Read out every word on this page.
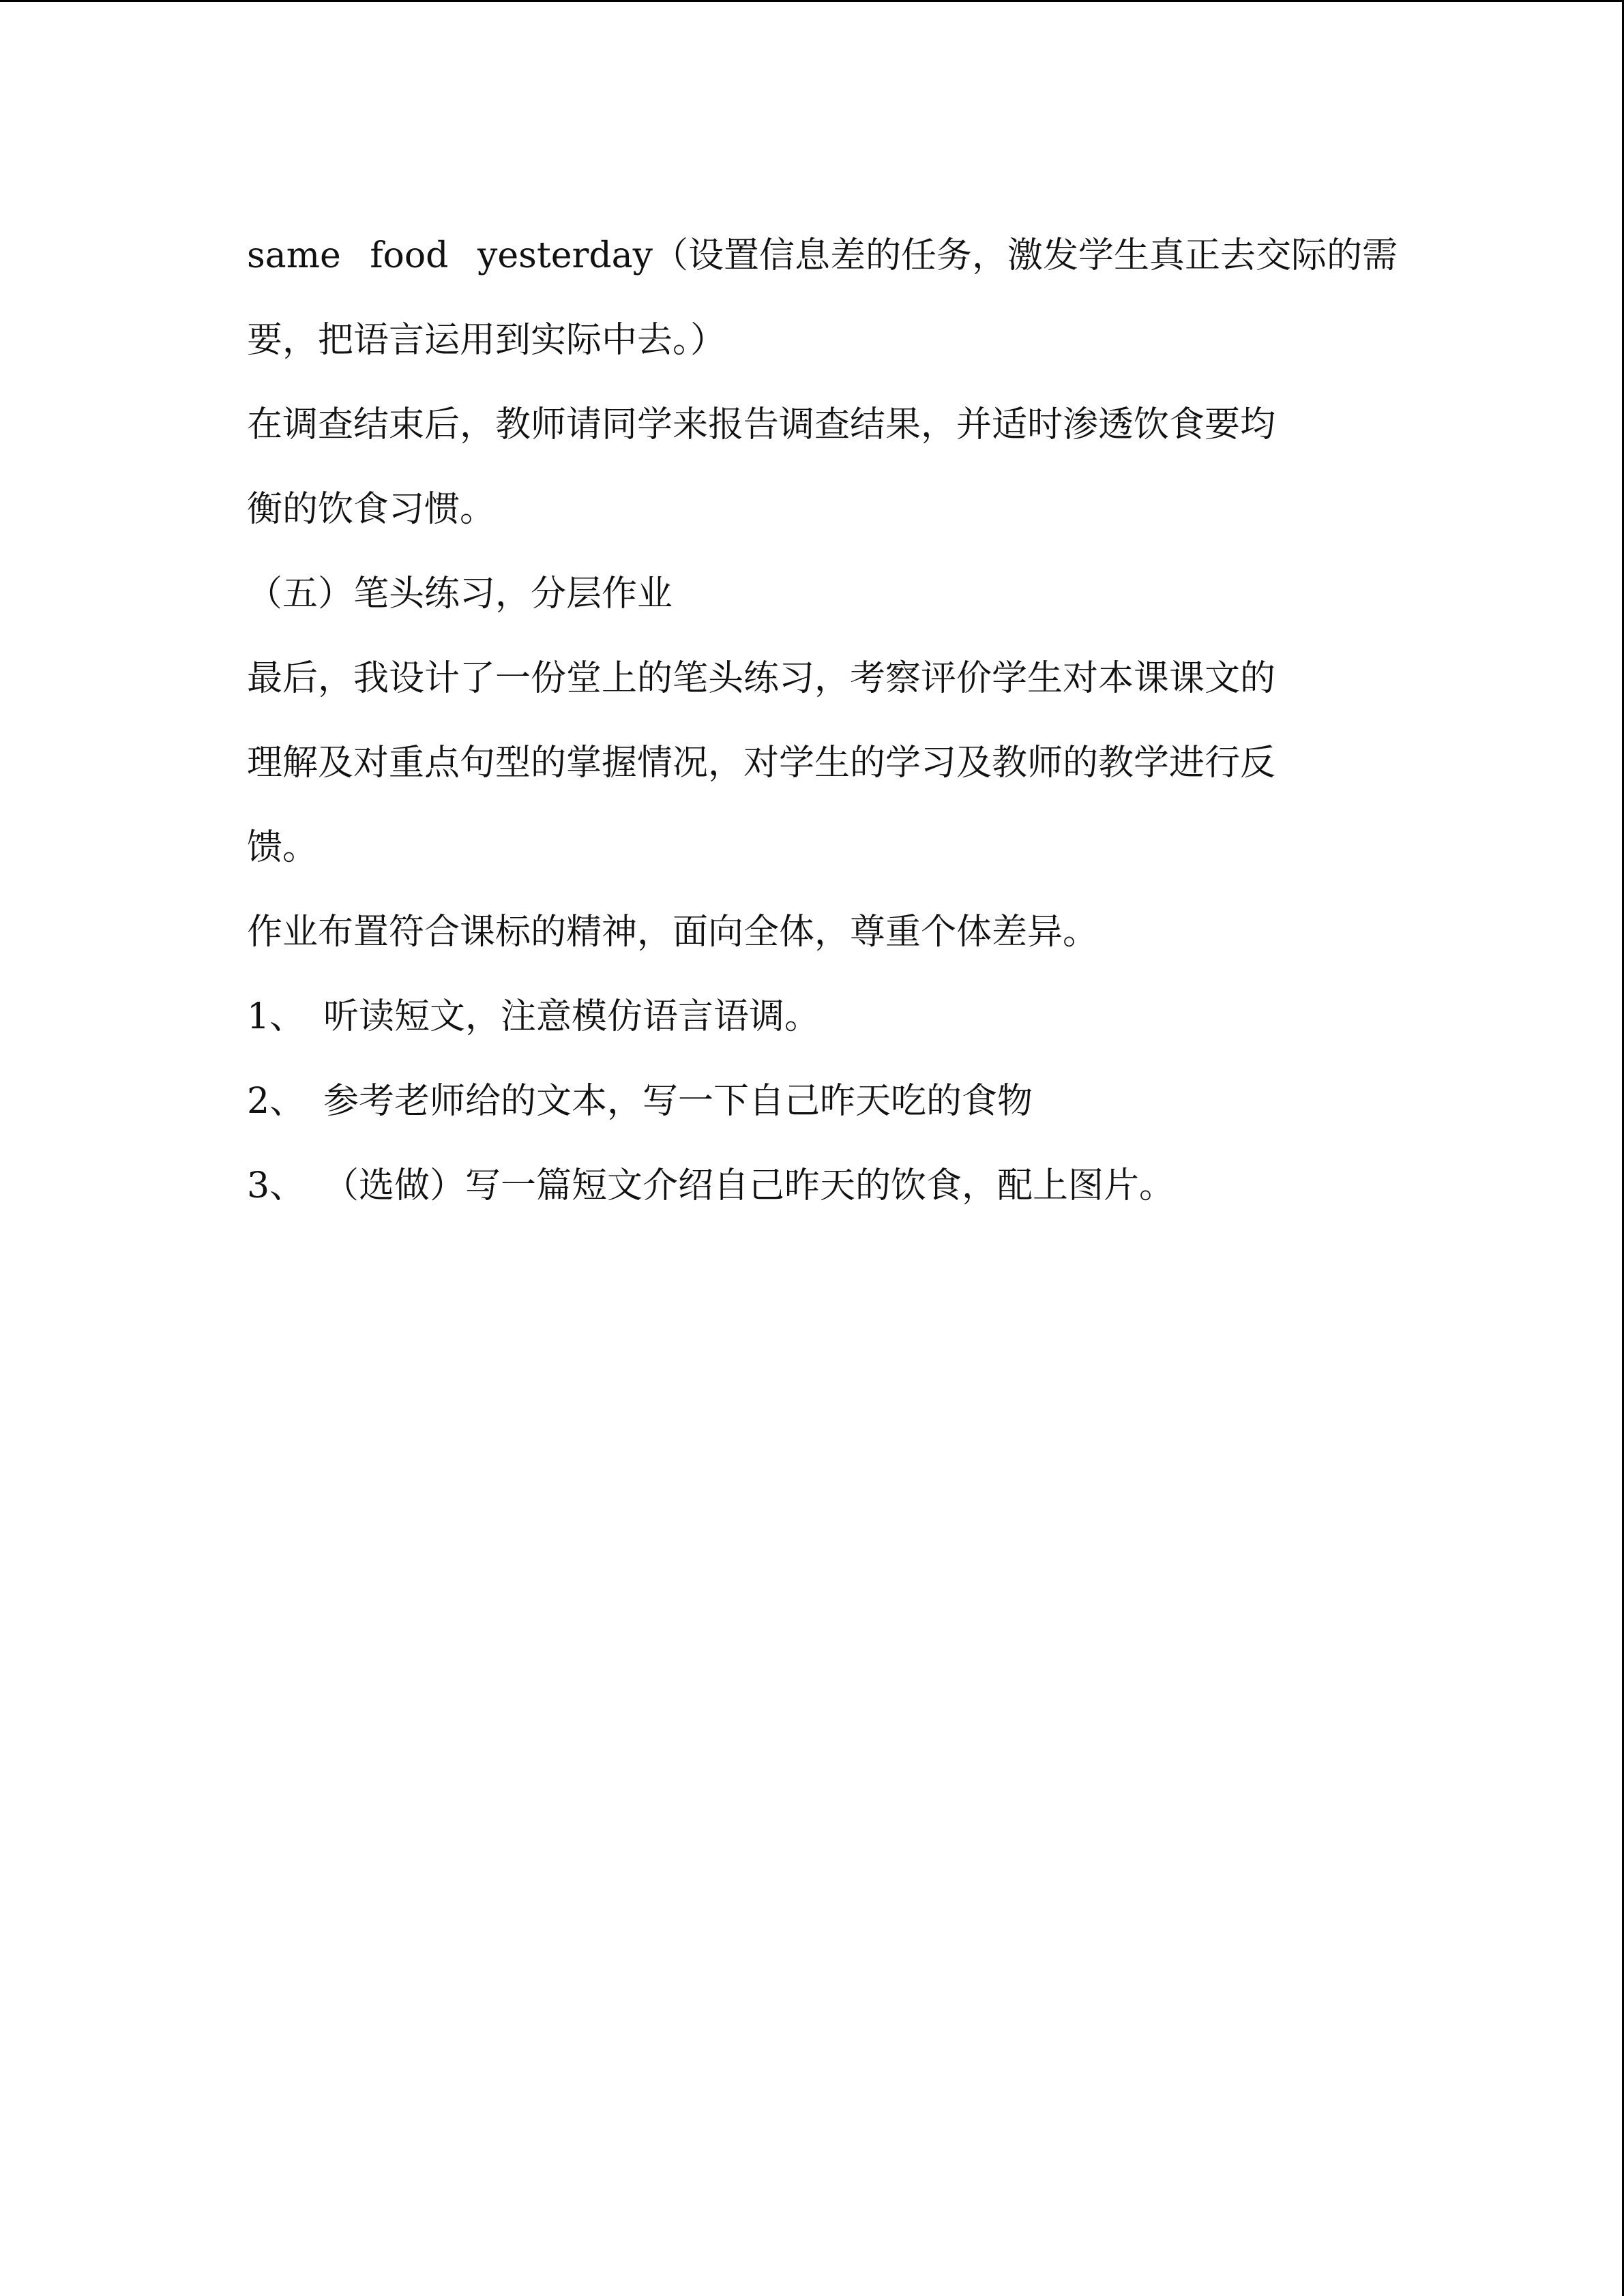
same food yesterday（设置信息差的任务，激发学生真正去交际的需
要，把语言运用到实际中去。）
在调查结束后，教师请同学来报告调查结果，并适时渗透饮食要均
衡的饮食习惯。
（五）笔头练习，分层作业
最后，我设计了一份堂上的笔头练习，考察评价学生对本课课文的
理解及对重点句型的掌握情况，对学生的学习及教师的教学进行反
馈。
作业布置符合课标的精神，面向全体，尊重个体差异。
1、 听读短文，注意模仿语言语调。
2、 参考老师给的文本，写一下自己昨天吃的食物
3、 （选做）写一篇短文介绍自己昨天的饮食，配上图片。
